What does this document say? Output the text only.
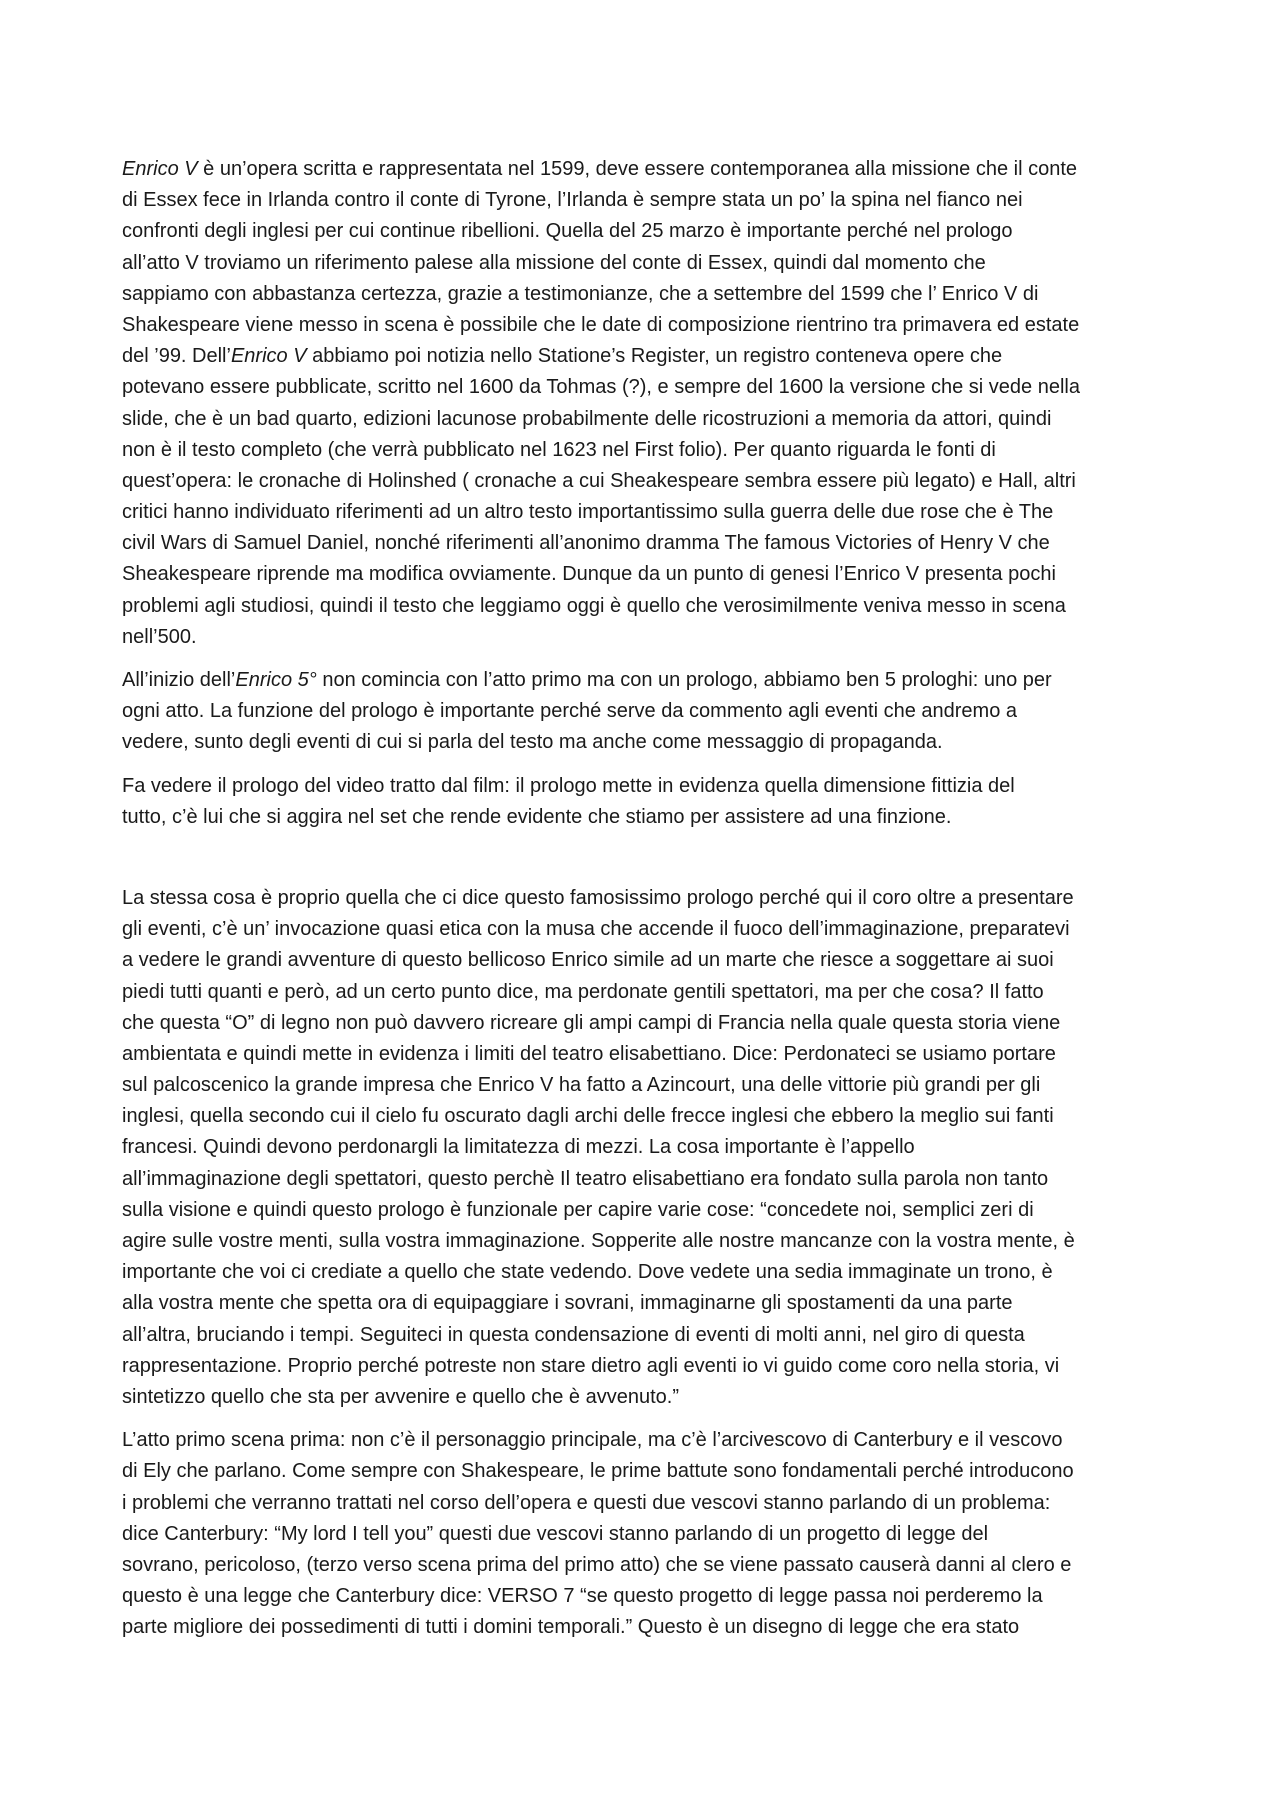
Enrico V è un’opera scritta e rappresentata nel 1599, deve essere contemporanea alla missione che il conte
di Essex fece in Irlanda contro il conte di Tyrone, l’Irlanda è sempre stata un po’ la spina nel fianco nei
confronti degli inglesi per cui continue ribellioni. Quella del 25 marzo è importante perché nel prologo
all’atto V troviamo un riferimento palese alla missione del conte di Essex, quindi dal momento che
sappiamo con abbastanza certezza, grazie a testimonianze, che a settembre del 1599 che l’ Enrico V di
Shakespeare viene messo in scena è possibile che le date di composizione rientrino tra primavera ed estate
del ’99. Dell’Enrico V abbiamo poi notizia nello Statione’s Register, un registro conteneva opere che
potevano essere pubblicate, scritto nel 1600 da Tohmas (?), e sempre del 1600 la versione che si vede nella
slide, che è un bad quarto, edizioni lacunose probabilmente delle ricostruzioni a memoria da attori, quindi
non è il testo completo (che verrà pubblicato nel 1623 nel First folio). Per quanto riguarda le fonti di
quest’opera: le cronache di Holinshed ( cronache a cui Sheakespeare sembra essere più legato) e Hall, altri
critici hanno individuato riferimenti ad un altro testo importantissimo sulla guerra delle due rose che è The
civil Wars di Samuel Daniel, nonché riferimenti all’anonimo dramma The famous Victories of Henry V che
Sheakespeare riprende ma modifica ovviamente. Dunque da un punto di genesi l’Enrico V presenta pochi
problemi agli studiosi, quindi il testo che leggiamo oggi è quello che verosimilmente veniva messo in scena
nell’500.

All’inizio dell’Enrico 5° non comincia con l’atto primo ma con un prologo, abbiamo ben 5 prologhi: uno per
ogni atto. La funzione del prologo è importante perché serve da commento agli eventi che andremo a
vedere, sunto degli eventi di cui si parla del testo ma anche come messaggio di propaganda.

Fa vedere il prologo del video tratto dal film: il prologo mette in evidenza quella dimensione fittizia del
tutto, c’è lui che si aggira nel set che rende evidente che stiamo per assistere ad una finzione.

La stessa cosa è proprio quella che ci dice questo famosissimo prologo perché qui il coro oltre a presentare
gli eventi, c’è un’ invocazione quasi etica con la musa che accende il fuoco dell’immaginazione, preparatevi
a vedere le grandi avventure di questo bellicoso Enrico simile ad un marte che riesce a soggettare ai suoi
piedi tutti quanti e però, ad un certo punto dice, ma perdonate gentili spettatori, ma per che cosa? Il fatto
che questa “O” di legno non può davvero ricreare gli ampi campi di Francia nella quale questa storia viene
ambientata e quindi mette in evidenza i limiti del teatro elisabettiano. Dice: Perdonateci se usiamo portare
sul palcoscenico la grande impresa che Enrico V ha fatto a Azincourt, una delle vittorie più grandi per gli
inglesi, quella secondo cui il cielo fu oscurato dagli archi delle frecce inglesi che ebbero la meglio sui fanti
francesi. Quindi devono perdonargli la limitatezza di mezzi. La cosa importante è l’appello
all’immaginazione degli spettatori, questo perchè Il teatro elisabettiano era fondato sulla parola non tanto
sulla visione e quindi questo prologo è funzionale per capire varie cose: “concedete noi, semplici zeri di
agire sulle vostre menti, sulla vostra immaginazione. Sopperite alle nostre mancanze con la vostra mente, è
importante che voi ci crediate a quello che state vedendo. Dove vedete una sedia immaginate un trono, è
alla vostra mente che spetta ora di equipaggiare i sovrani, immaginarne gli spostamenti da una parte
all’altra, bruciando i tempi. Seguiteci in questa condensazione di eventi di molti anni, nel giro di questa
rappresentazione. Proprio perché potreste non stare dietro agli eventi io vi guido come coro nella storia, vi
sintetizzo quello che sta per avvenire e quello che è avvenuto.”

L’atto primo scena prima: non c’è il personaggio principale, ma c’è l’arcivescovo di Canterbury e il vescovo
di Ely che parlano. Come sempre con Shakespeare, le prime battute sono fondamentali perché introducono
i problemi che verranno trattati nel corso dell’opera e questi due vescovi stanno parlando di un problema:
dice Canterbury: “My lord I tell you” questi due vescovi stanno parlando di un progetto di legge del
sovrano, pericoloso, (terzo verso scena prima del primo atto) che se viene passato causerà danni al clero e
questo è una legge che Canterbury dice: VERSO 7 “se questo progetto di legge passa noi perderemo la
parte migliore dei possedimenti di tutti i domini temporali.” Questo è un disegno di legge che era stato
